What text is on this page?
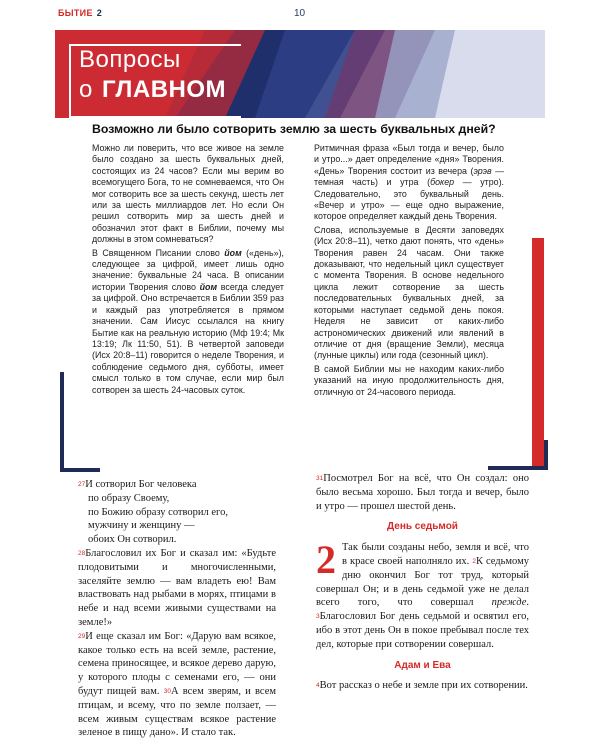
БЫТИЕ 2	10
Вопросы
о ГЛАВНОМ
Возможно ли было сотворить землю за шесть буквальных дней?

Можно ли поверить, что все живое на земле было создано за шесть буквальных дней, состоящих из 24 часов? Если мы верим во всемогущего Бога, то не сомневаемся, что Он мог сотворить все за шесть секунд, шесть лет или за шесть миллиардов лет. Но если Он решил сотворить мир за шесть дней и обозначил этот факт в Библии, почему мы должны в этом сомневаться?

В Священном Писании слово йом («день»), следующее за цифрой, имеет лишь одно значение: буквальные 24 часа. В описании истории Творения слово йом всегда следует за цифрой. Оно встречается в Библии 359 раз и каждый раз употребляется в прямом значении. Сам Иисус ссылался на книгу Бытие как на реальную историю (Мф 19:4; Мк 13:19; Лк 11:50, 51). В четвертой заповеди (Исх 20:8–11) говорится о неделе Творения, и соблюдение седьмого дня, субботы, имеет смысл только в том случае, если мир был сотворен за шесть 24-часовых суток.

Ритмичная фраза «Был тогда и вечер, было и утро...» дает определение «дня» Творения. «День» Творения состоит из вечера (эрэв — темная часть) и утра (бокер — утро). Следовательно, это буквальный день. «Вечер и утро» — еще одно выражение, которое определяет каждый день Творения.

Слова, используемые в Десяти заповедях (Исх 20:8–11), четко дают понять, что «день» Творения равен 24 часам. Они также доказывают, что недельный цикл существует с момента Творения. В основе недельного цикла лежит сотворение за шесть последовательных буквальных дней, за которыми наступает седьмой день покоя. Неделя не зависит от каких-либо астрономических движений или явлений в отличие от дня (вращение Земли), месяца (лунные циклы) или года (сезонный цикл).

В самой Библии мы не находим каких-либо указаний на иную продолжительность дня, отличную от 24-часового периода.

$^{27}$И сотворил Бог человека
по образу Своему,
по Божию образу сотворил его,
мужчину и женщину —
обоих Он сотворил.
$^{28}$Благословил их Бог и сказал им: «Будьте плодовитыми и многочисленными, заселяйте землю — вам владеть ею! Вам властвовать над рыбами в морях, птицами в небе и над всеми живыми существами на земле!»
$^{29}$И еще сказал им Бог: «Дарую вам всякое, какое только есть на всей земле, растение, семена приносящее, и всякое дерево дарую, у которого плоды с семенами его, — они будут пищей вам. $^{30}$А всем зверям, и всем птицам, и всему, что по земле ползает, — всем живым существам всякое растение зеленое в пищу дано». И стало так.
$^{31}$Посмотрел Бог на всё, что Он создал: оно было весьма хорошо. Был тогда и вечер, было и утро — прошел шестой день.
День седьмой
2 Так были созданы небо, земля и всё, что в красе своей наполняло их. $^2$К седьмому дню окончил Бог тот труд, который совершал Он; и в день седьмой уже не делал всего того, что совершал прежде. $^3$Благословил Бог день седьмой и освятил его, ибо в этот день Он в покое пребывал после тех дел, которые при сотворении совершал.
Адам и Ева
$^4$Вот рассказ о небе и земле при их сотворении.
